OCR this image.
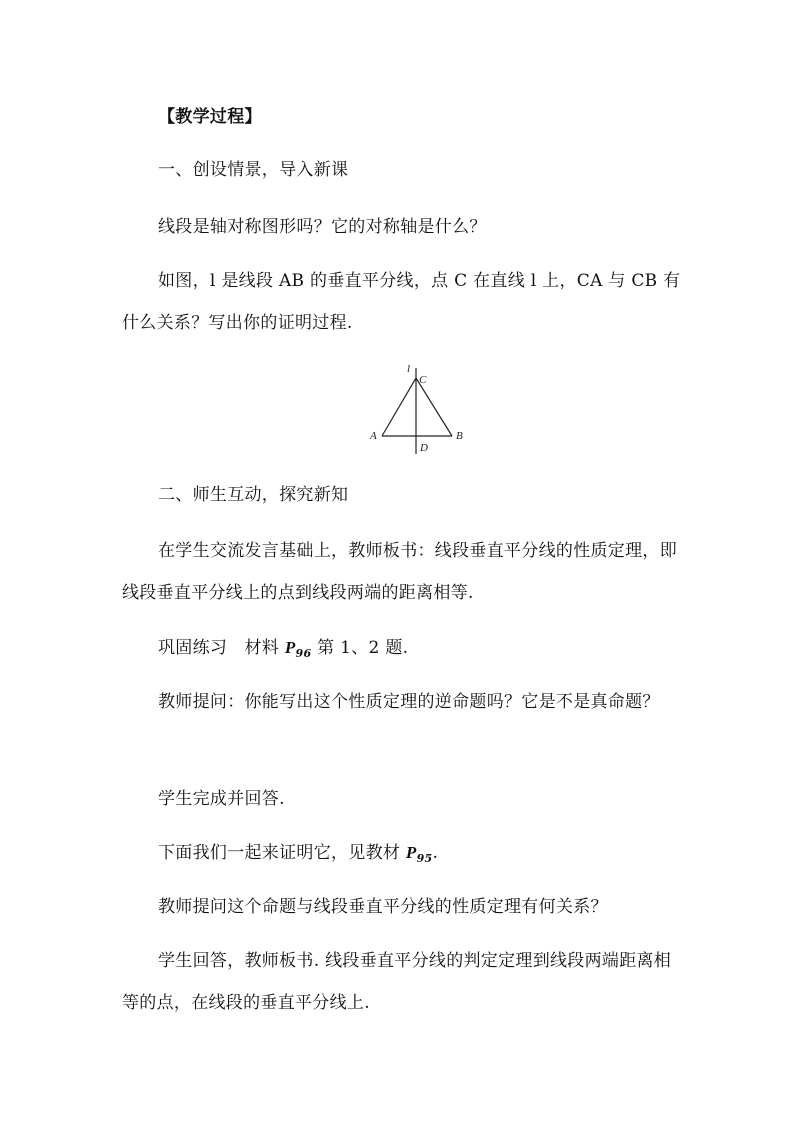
【教学过程】

一、创设情景，导入新课

线段是轴对称图形吗？它的对称轴是什么？

如图，l 是线段 AB 的垂直平分线，点 C 在直线 l 上，CA 与 CB 有什么关系？写出你的证明过程.

l
C
A	B
D

二、师生互动，探究新知

在学生交流发言基础上，教师板书：线段垂直平分线的性质定理，即线段垂直平分线上的点到线段两端的距离相等.

巩固练习　材料 $P_{96}$ 第 1、2 题.

教师提问：你能写出这个性质定理的逆命题吗？它是不是真命题？

学生完成并回答.

下面我们一起来证明它，见教材 $P_{95}$.

教师提问这个命题与线段垂直平分线的性质定理有何关系？

学生回答，教师板书. 线段垂直平分线的判定定理到线段两端距离相等的点，在线段的垂直平分线上.
